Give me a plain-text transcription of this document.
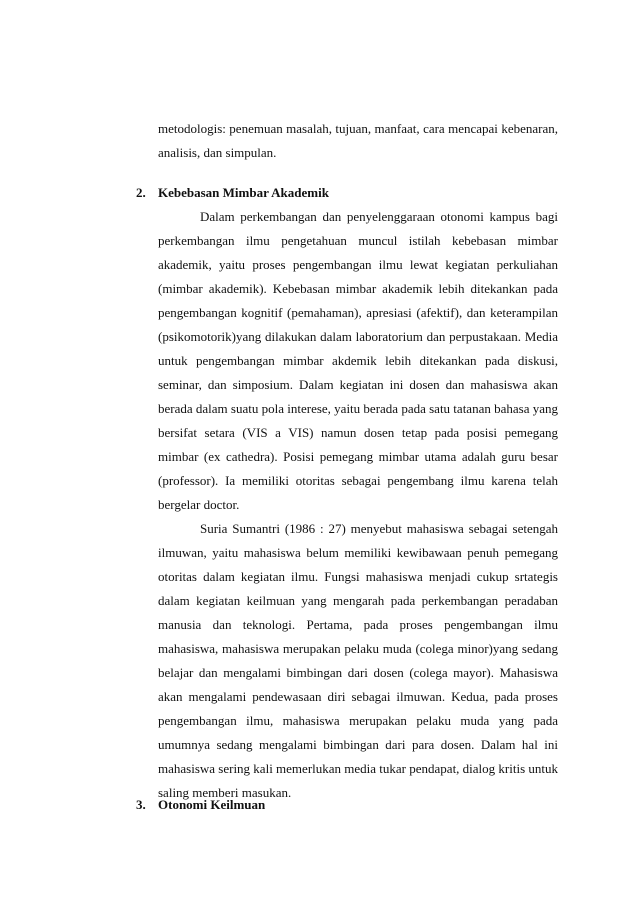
metodologis: penemuan masalah, tujuan, manfaat, cara mencapai kebenaran, analisis, dan simpulan.

2. Kebebasan Mimbar Akademik

Dalam perkembangan dan penyelenggaraan otonomi kampus bagi perkembangan ilmu pengetahuan muncul istilah kebebasan mimbar akademik, yaitu proses pengembangan ilmu lewat kegiatan perkuliahan (mimbar akademik). Kebebasan mimbar akademik lebih ditekankan pada pengembangan kognitif (pemahaman), apresiasi (afektif), dan keterampilan (psikomotorik)yang dilakukan dalam laboratorium dan perpustakaan. Media untuk pengembangan mimbar akdemik lebih ditekankan pada diskusi, seminar, dan simposium. Dalam kegiatan ini dosen dan mahasiswa akan berada dalam suatu pola interese, yaitu berada pada satu tatanan bahasa yang bersifat setara (VIS a VIS) namun dosen tetap pada posisi pemegang mimbar (ex cathedra). Posisi pemegang mimbar utama adalah guru besar (professor). Ia memiliki otoritas sebagai pengembang ilmu karena telah bergelar doctor.

Suria Sumantri (1986 : 27) menyebut mahasiswa sebagai setengah ilmuwan, yaitu mahasiswa belum memiliki kewibawaan penuh pemegang otoritas dalam kegiatan ilmu. Fungsi mahasiswa menjadi cukup srtategis dalam kegiatan keilmuan yang mengarah pada perkembangan peradaban manusia dan teknologi. Pertama, pada proses pengembangan ilmu mahasiswa, mahasiswa merupakan pelaku muda (colega minor)yang sedang belajar dan mengalami bimbingan dari dosen (colega mayor). Mahasiswa akan mengalami pendewasaan diri sebagai ilmuwan. Kedua, pada proses pengembangan ilmu, mahasiswa merupakan pelaku muda yang pada umumnya sedang mengalami bimbingan dari para dosen. Dalam hal ini mahasiswa sering kali memerlukan media tukar pendapat, dialog kritis untuk saling memberi masukan.

3. Otonomi Keilmuan
